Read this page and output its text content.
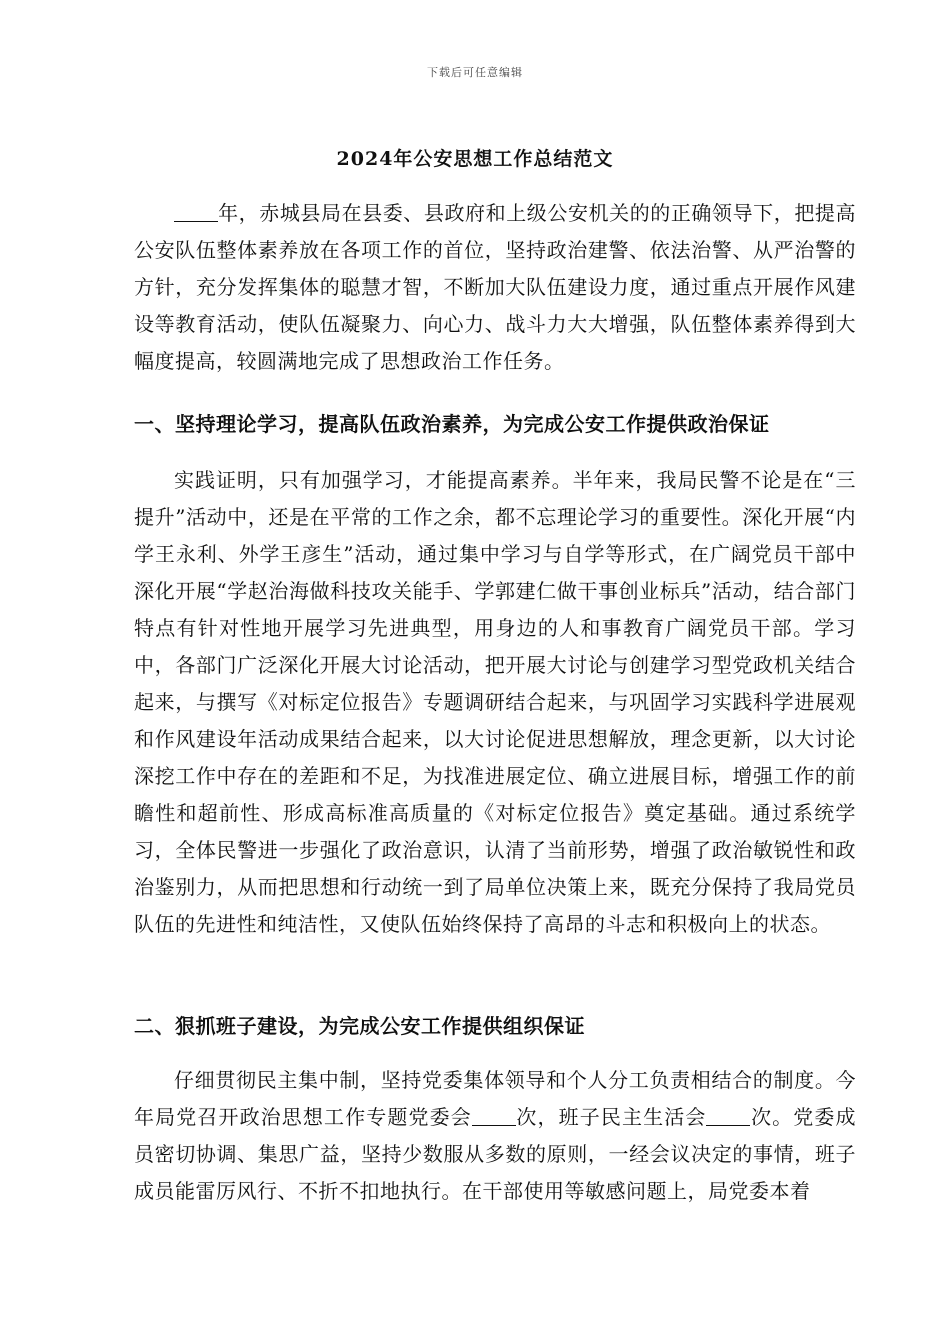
下载后可任意编辑
2024年公安思想工作总结范文

年，赤城县局在县委、县政府和上级公安机关的的正确领导下，把提高公安队伍整体素养放在各项工作的首位，坚持政治建警、依法治警、从严治警的方针，充分发挥集体的聪慧才智，不断加大队伍建设力度，通过重点开展作风建设等教育活动，使队伍凝聚力、向心力、战斗力大大增强，队伍整体素养得到大幅度提高，较圆满地完成了思想政治工作任务。

一、坚持理论学习，提高队伍政治素养，为完成公安工作提供政治保证

实践证明，只有加强学习，才能提高素养。半年来，我局民警不论是在“三提升”活动中，还是在平常的工作之余，都不忘理论学习的重要性。深化开展“内学王永利、外学王彦生”活动，通过集中学习与自学等形式，在广阔党员干部中深化开展“学赵治海做科技攻关能手、学郭建仁做干事创业标兵”活动，结合部门特点有针对性地开展学习先进典型，用身边的人和事教育广阔党员干部。学习中，各部门广泛深化开展大讨论活动，把开展大讨论与创建学习型党政机关结合起来，与撰写《对标定位报告》专题调研结合起来，与巩固学习实践科学进展观和作风建设年活动成果结合起来，以大讨论促进思想解放，理念更新，以大讨论深挖工作中存在的差距和不足，为找准进展定位、确立进展目标，增强工作的前瞻性和超前性、形成高标准高质量的《对标定位报告》奠定基础。通过系统学习，全体民警进一步强化了政治意识，认清了当前形势，增强了政治敏锐性和政治鉴别力，从而把思想和行动统一到了局单位决策上来，既充分保持了我局党员队伍的先进性和纯洁性，又使队伍始终保持了高昂的斗志和积极向上的状态。

二、狠抓班子建设，为完成公安工作提供组织保证

仔细贯彻民主集中制，坚持党委集体领导和个人分工负责相结合的制度。今年局党召开政治思想工作专题党委会 次，班子民主生活会 次。党委成员密切协调、集思广益，坚持少数服从多数的原则，一经会议决定的事情，班子成员能雷厉风行、不折不扣地执行。在干部使用等敏感问题上，局党委本着
